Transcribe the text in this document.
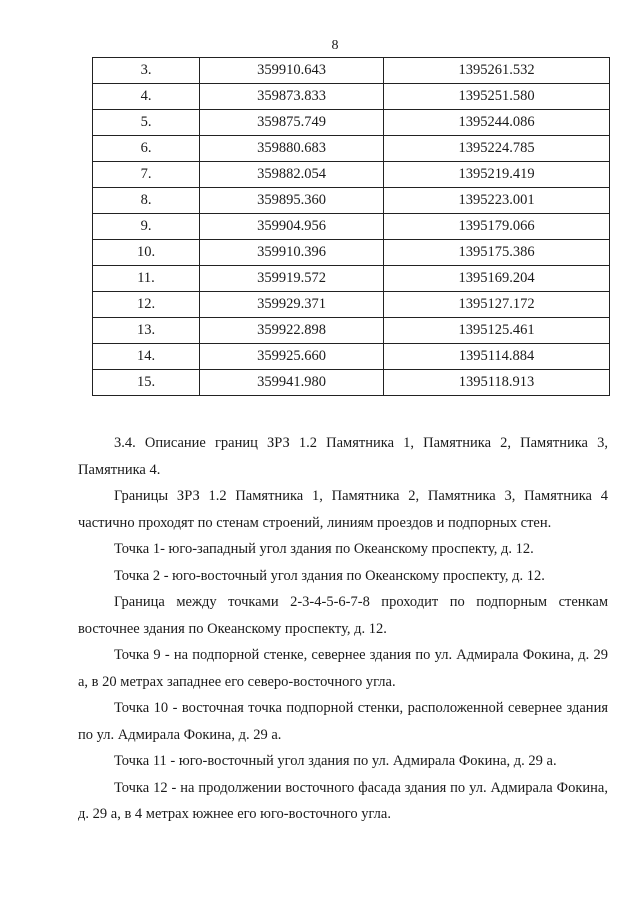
8
3.	359910.643	1395261.532
4.	359873.833	1395251.580
5.	359875.749	1395244.086
6.	359880.683	1395224.785
7.	359882.054	1395219.419
8.	359895.360	1395223.001
9.	359904.956	1395179.066
10.	359910.396	1395175.386
11.	359919.572	1395169.204
12.	359929.371	1395127.172
13.	359922.898	1395125.461
14.	359925.660	1395114.884
15.	359941.980	1395118.913

3.4. Описание границ ЗРЗ 1.2 Памятника 1, Памятника 2, Памятника 3, Памятника 4.

Границы ЗРЗ 1.2 Памятника 1, Памятника 2, Памятника 3, Памятника 4 частично проходят по стенам строений, линиям проездов и подпорных стен.

Точка 1- юго-западный угол здания по Океанскому проспекту, д. 12.

Точка 2 - юго-восточный угол здания по Океанскому проспекту, д. 12.

Граница между точками 2-3-4-5-6-7-8 проходит по подпорным стенкам восточнее здания по Океанскому проспекту, д. 12.

Точка 9 - на подпорной стенке, севернее здания по ул. Адмирала Фокина, д. 29 а, в 20 метрах западнее его северо-восточного угла.

Точка 10 - восточная точка подпорной стенки, расположенной севернее здания по ул. Адмирала Фокина, д. 29 а.

Точка 11 - юго-восточный угол здания по ул. Адмирала Фокина, д. 29 а.

Точка 12 - на продолжении восточного фасада здания по ул. Адмирала Фокина, д. 29 а, в 4 метрах южнее его юго-восточного угла.
